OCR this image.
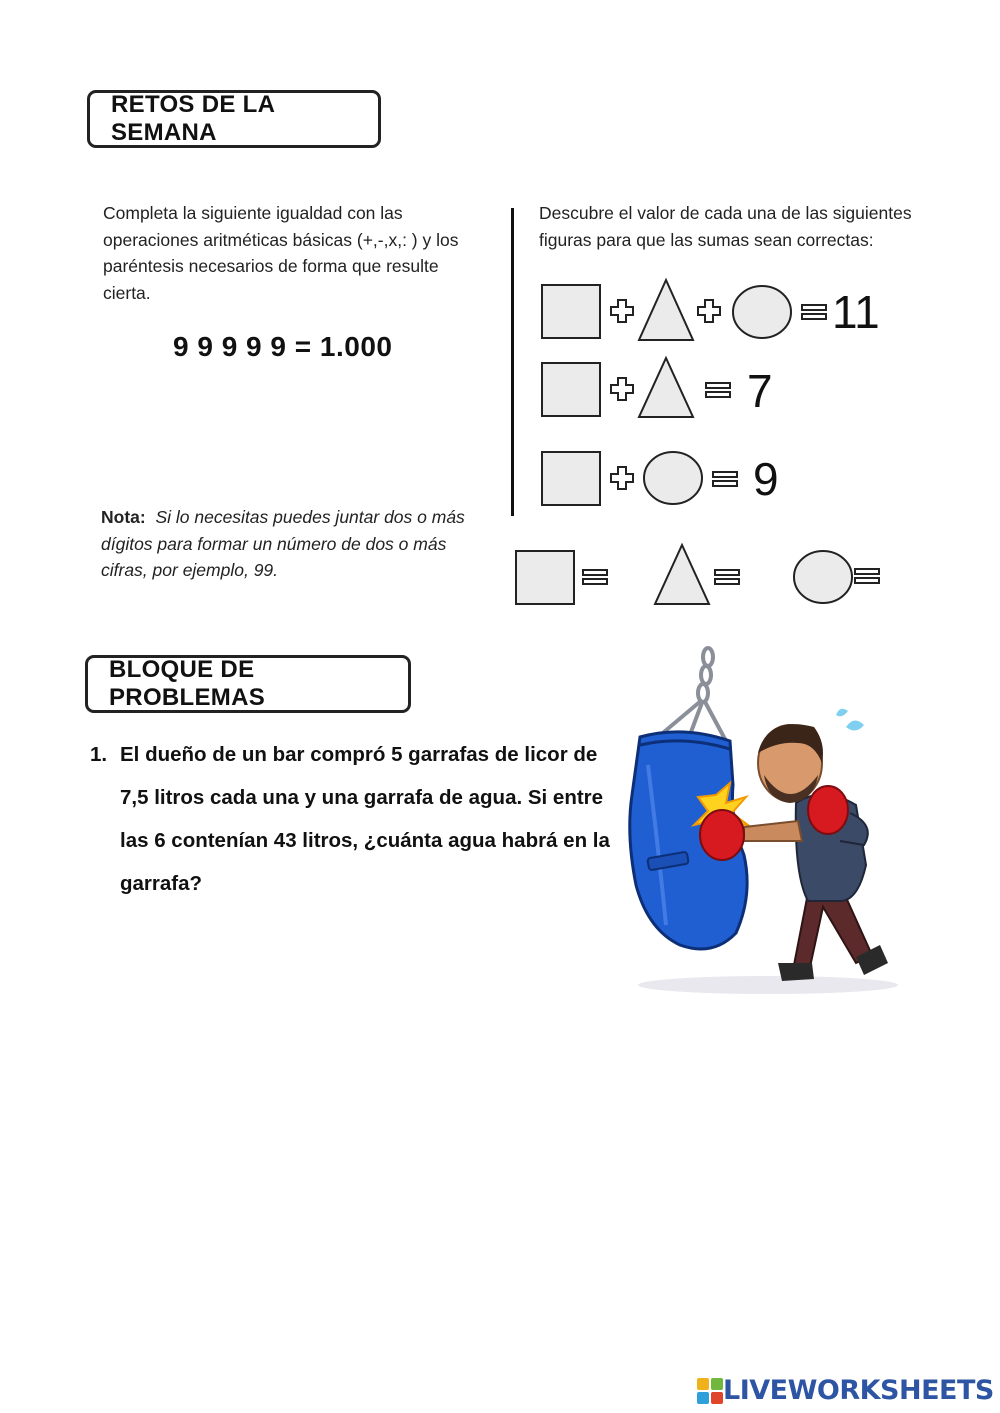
RETOS DE LA SEMANA
Completa la siguiente igualdad con las operaciones aritméticas básicas (+,-,x,: ) y los paréntesis necesarios de forma que resulte cierta.
9 9 9 9 9 = 1.000
Nota: Si lo necesitas puedes juntar dos o más dígitos para formar un número de dos o más cifras, por ejemplo, 99.
Descubre el valor de cada una de las siguientes figuras para que las sumas sean correctas:
11
7
9
BLOQUE DE PROBLEMAS
1. El dueño de un bar compró 5 garrafas de licor de 7,5 litros cada una y una garrafa de agua. Si entre las 6 contenían 43 litros, ¿cuánta agua habrá en la garrafa?
LIVEWORKSHEETS
